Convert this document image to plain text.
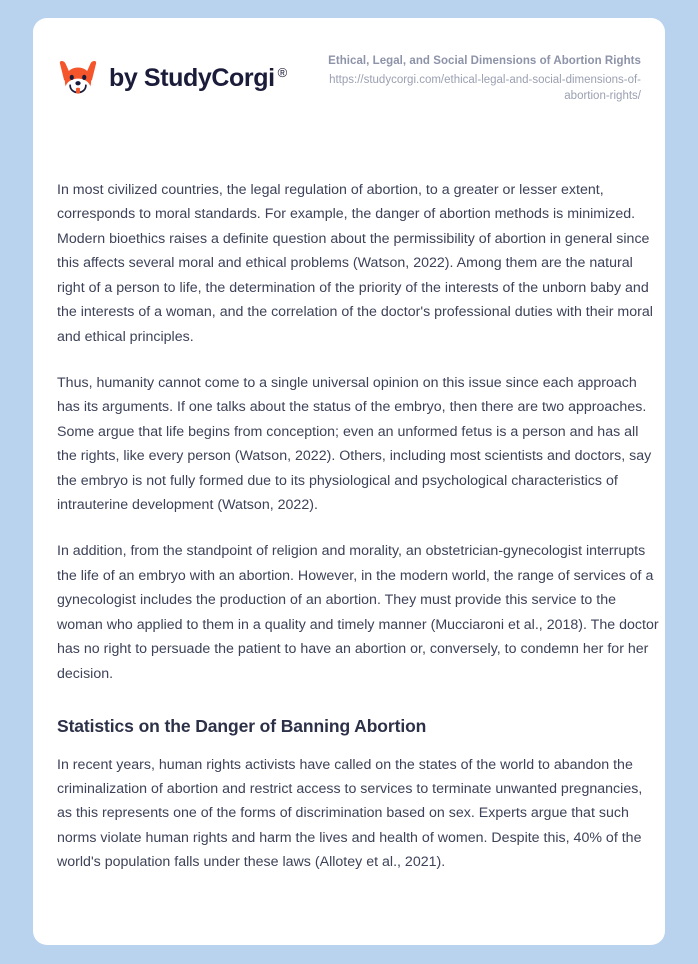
by StudyCorgi ®
Ethical, Legal, and Social Dimensions of Abortion Rights
https://studycorgi.com/ethical-legal-and-social-dimensions-of-abortion-rights/

In most civilized countries, the legal regulation of abortion, to a greater or lesser extent, corresponds to moral standards. For example, the danger of abortion methods is minimized. Modern bioethics raises a definite question about the permissibility of abortion in general since this affects several moral and ethical problems (Watson, 2022). Among them are the natural right of a person to life, the determination of the priority of the interests of the unborn baby and the interests of a woman, and the correlation of the doctor's professional duties with their moral and ethical principles.

Thus, humanity cannot come to a single universal opinion on this issue since each approach has its arguments. If one talks about the status of the embryo, then there are two approaches. Some argue that life begins from conception; even an unformed fetus is a person and has all the rights, like every person (Watson, 2022). Others, including most scientists and doctors, say the embryo is not fully formed due to its physiological and psychological characteristics of intrauterine development (Watson, 2022).

In addition, from the standpoint of religion and morality, an obstetrician-gynecologist interrupts the life of an embryo with an abortion. However, in the modern world, the range of services of a gynecologist includes the production of an abortion. They must provide this service to the woman who applied to them in a quality and timely manner (Mucciaroni et al., 2018). The doctor has no right to persuade the patient to have an abortion or, conversely, to condemn her for her decision.

Statistics on the Danger of Banning Abortion

In recent years, human rights activists have called on the states of the world to abandon the criminalization of abortion and restrict access to services to terminate unwanted pregnancies, as this represents one of the forms of discrimination based on sex. Experts argue that such norms violate human rights and harm the lives and health of women. Despite this, 40% of the world's population falls under these laws (Allotey et al., 2021).
